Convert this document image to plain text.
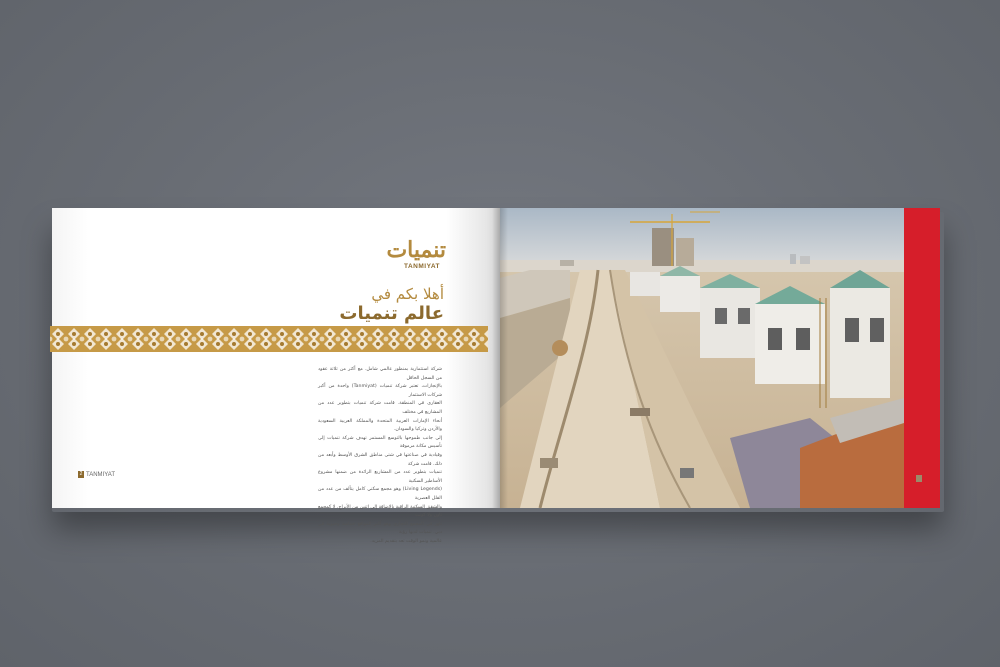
تنميات
TANMIYAT
أهلا بكم في
عالم تنميات
شركة استثمارية بمنظور عالمي شامل. مع أكثر من ثلاثة عقود من السجل الحافل
بالإنجازات، تعتبر شركة تنميات (Tanmiyat) واحدة من أكبر شركات الاستثمار
العقاري في المنطقة. قامت شركة تنميات بتطوير عدد من المشاريع في مختلف
أنحاء الإمارات العربية المتحدة والمملكة العربية السعودية والأردن وتركيا والسودان.
إلى جانب طموحها بالتوسع المستمر تهدف شركة تنميات إلى تأسيس مكانة مرموقة
وقيادية في صناعتها في شتى مناطق الشرق الأوسط وأبعد من ذلك. قامت شركة
تنميات بتطوير عدد من المشاريع الرائدة من ضمنها مشروع الأساطير السكنية
(Living Legends) وهو مجمع سكني كامل يتألف من عدد من الفلل العصرية
والشقق السكنية الراقية بالإضافة إلى اثنين من الأبراج. لا كمجمع تاون ولا كونت
تاور في المجمع التجاري وهو أكثر المواقع حماسة وحيوية في دبي. تنميات لديها رؤية
عالمية ونمو الوقت تعد بتقديم المزيد.
2 TANMIYAT
